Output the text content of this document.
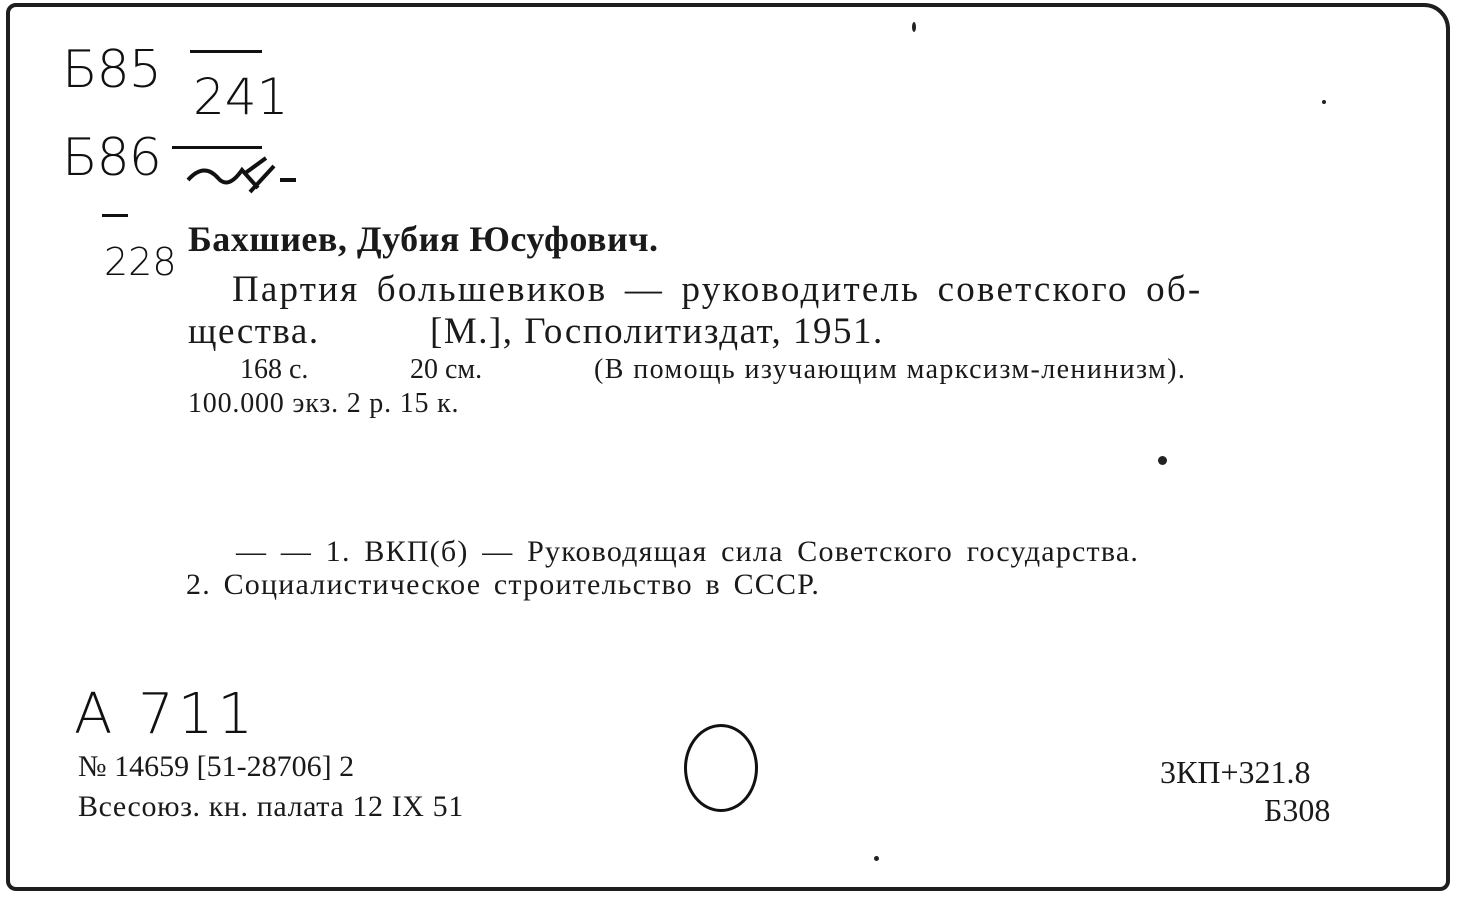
Б85 241
Б86
228
Бахшиев, Дубия Юсуфович.
Партия большевиков — руководитель советского об-
щества.	[М.], Госполитиздат, 1951.
168 с.	20 см.	(В помощь изучающим марксизм-ленинизм).
100.000 экз. 2 р. 15 к.
— — 1. ВКП(б) — Руководящая сила Советского государства.
2. Социалистическое строительство в СССР.
А 711
№ 14659 [51-28706] 2
Всесоюз. кн. палата 12 IX 51
3КП+321.8
Б308
